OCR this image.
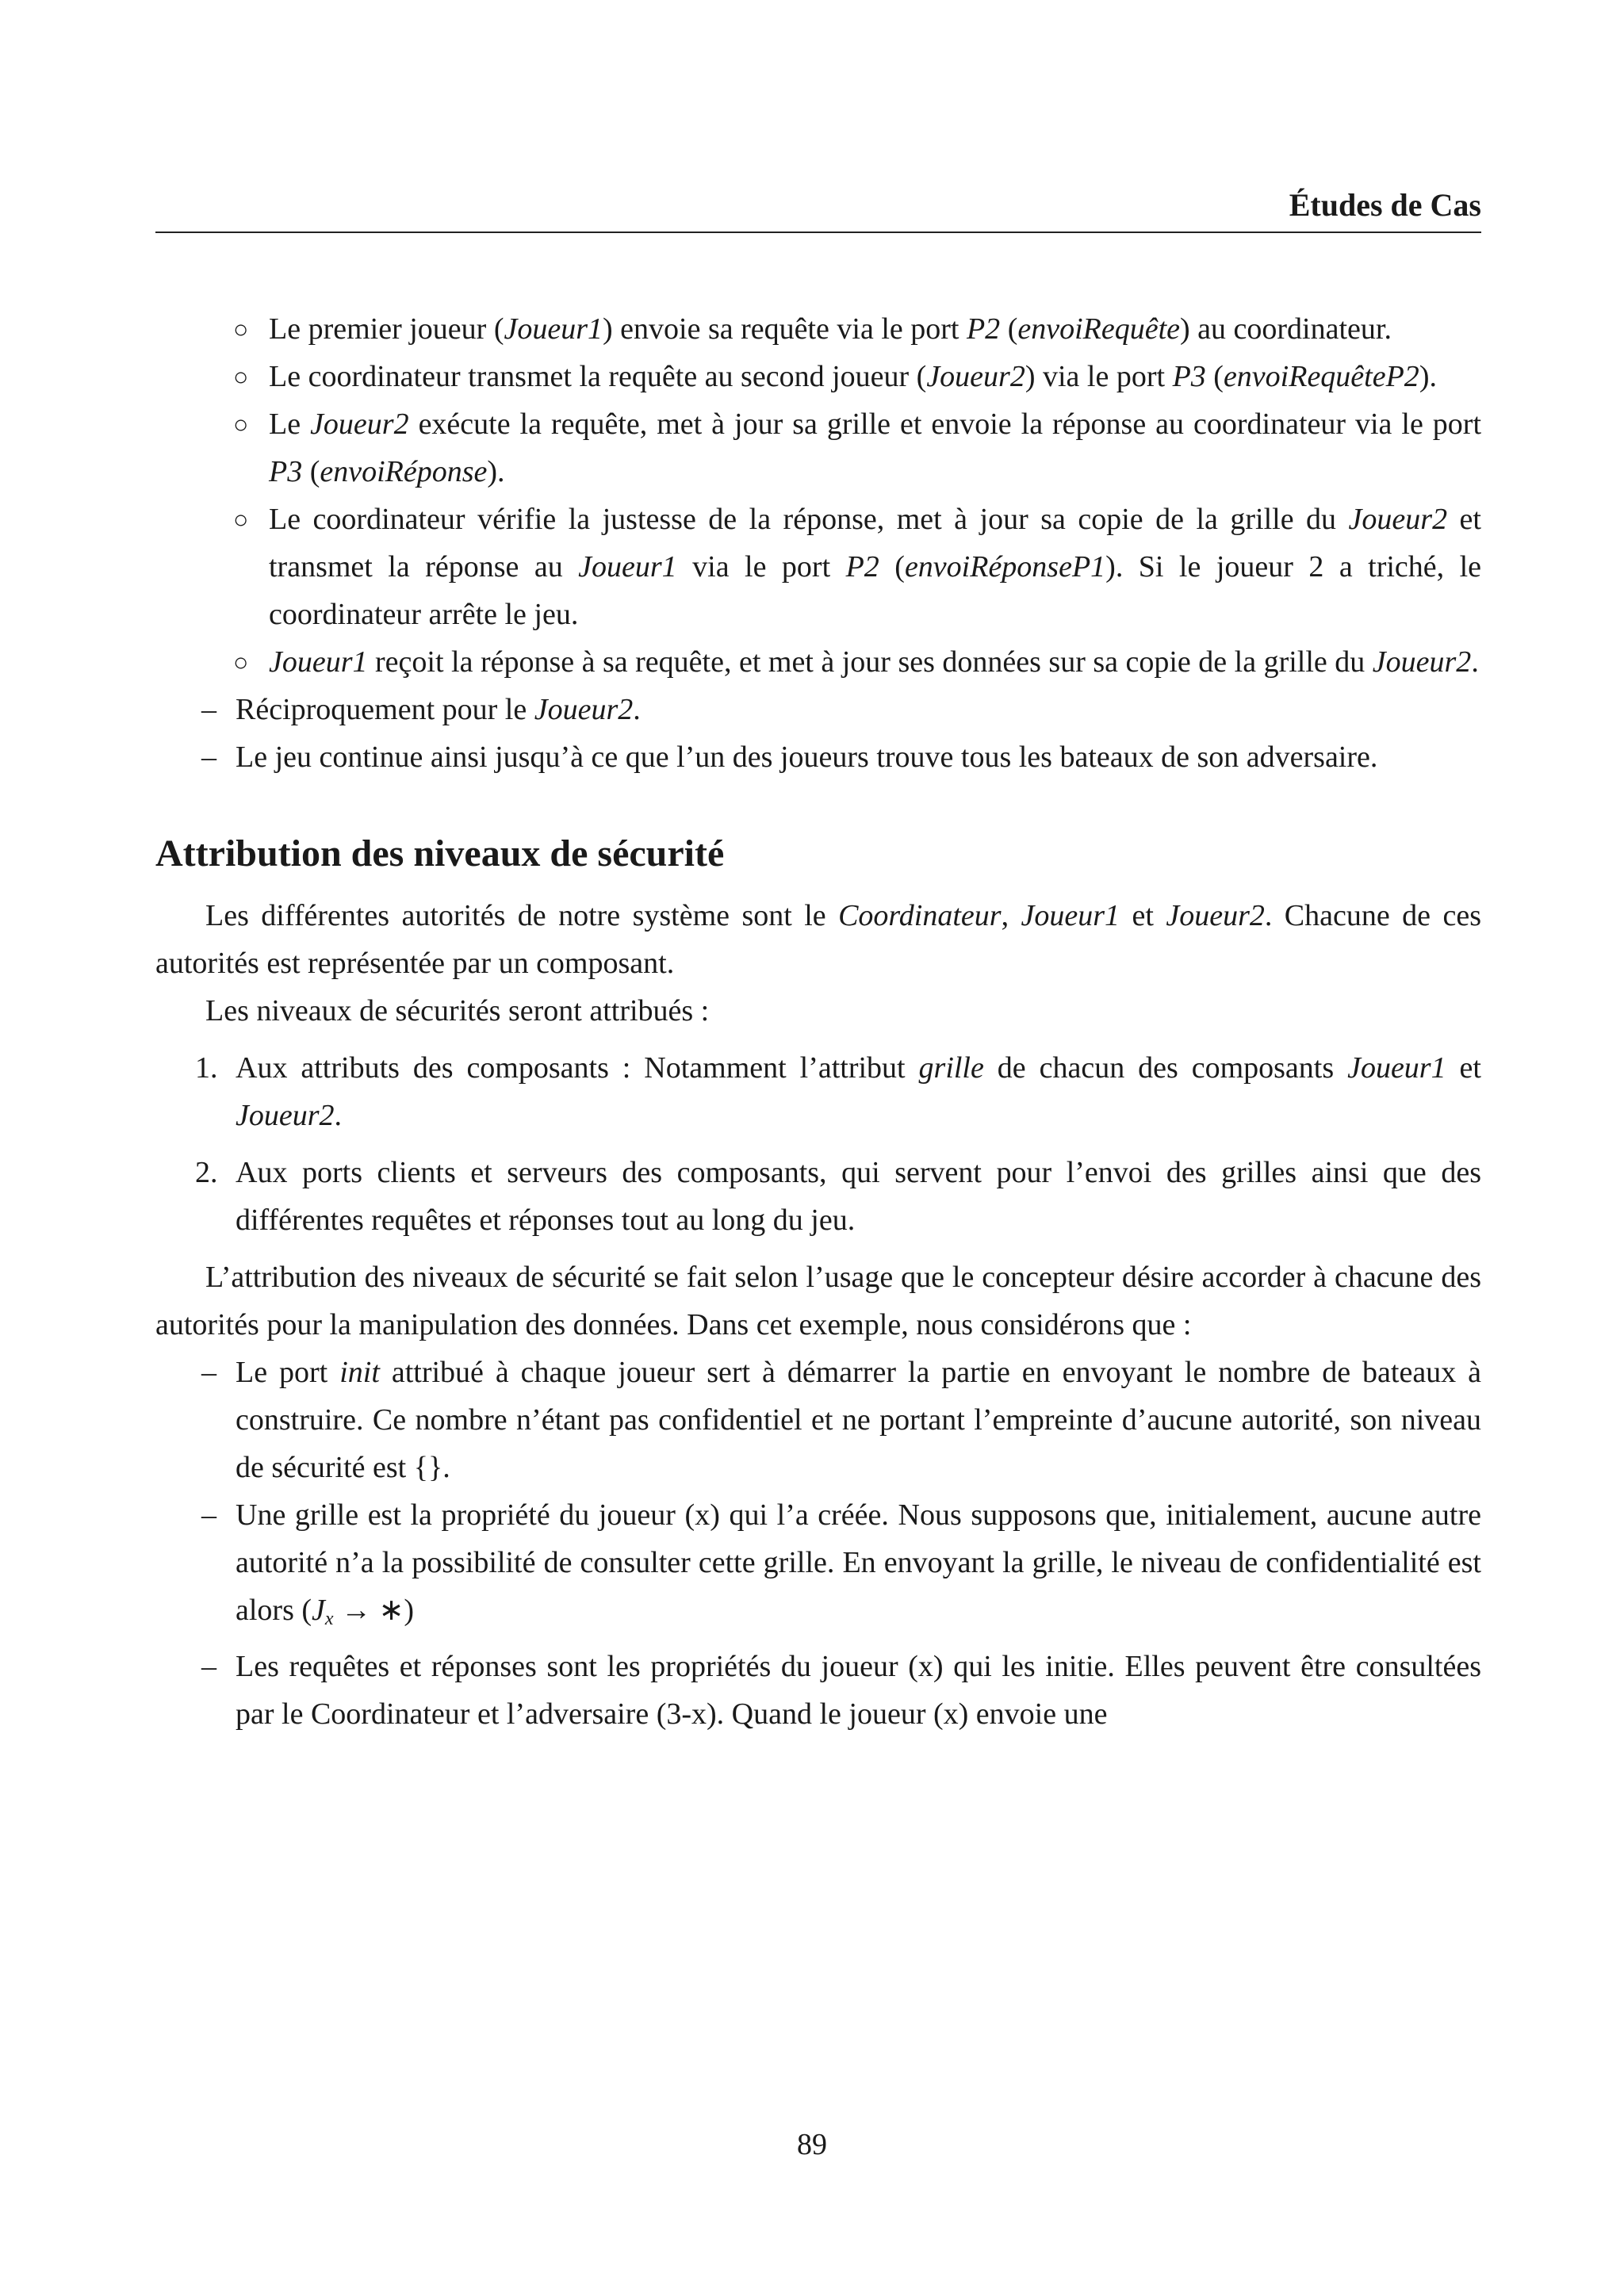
Études de Cas
○ Le premier joueur (Joueur1) envoie sa requête via le port P2 (envoiRequête) au coordinateur.
○ Le coordinateur transmet la requête au second joueur (Joueur2) via le port P3 (envoiRequêteP2).
○ Le Joueur2 exécute la requête, met à jour sa grille et envoie la réponse au coordinateur via le port P3 (envoiRéponse).
○ Le coordinateur vérifie la justesse de la réponse, met à jour sa copie de la grille du Joueur2 et transmet la réponse au Joueur1 via le port P2 (envoiRéponseP1). Si le joueur 2 a triché, le coordinateur arrête le jeu.
○ Joueur1 reçoit la réponse à sa requête, et met à jour ses données sur sa copie de la grille du Joueur2.
– Réciproquement pour le Joueur2.
– Le jeu continue ainsi jusqu’à ce que l’un des joueurs trouve tous les bateaux de son adversaire.
Attribution des niveaux de sécurité
Les différentes autorités de notre système sont le Coordinateur, Joueur1 et Joueur2. Chacune de ces autorités est représentée par un composant.
Les niveaux de sécurités seront attribués :
1. Aux attributs des composants : Notamment l’attribut grille de chacun des composants Joueur1 et Joueur2.
2. Aux ports clients et serveurs des composants, qui servent pour l’envoi des grilles ainsi que des différentes requêtes et réponses tout au long du jeu.
L’attribution des niveaux de sécurité se fait selon l’usage que le concepteur désire accorder à chacune des autorités pour la manipulation des données. Dans cet exemple, nous considérons que :
– Le port init attribué à chaque joueur sert à démarrer la partie en envoyant le nombre de bateaux à construire. Ce nombre n’étant pas confidentiel et ne portant l’empreinte d’aucune autorité, son niveau de sécurité est {}.
– Une grille est la propriété du joueur (x) qui l’a créée. Nous supposons que, initialement, aucune autre autorité n’a la possibilité de consulter cette grille. En envoyant la grille, le niveau de confidentialité est alors ($J_x$ → ∗)
– Les requêtes et réponses sont les propriétés du joueur (x) qui les initie. Elles peuvent être consultées par le Coordinateur et l’adversaire (3-x). Quand le joueur (x) envoie une
89
